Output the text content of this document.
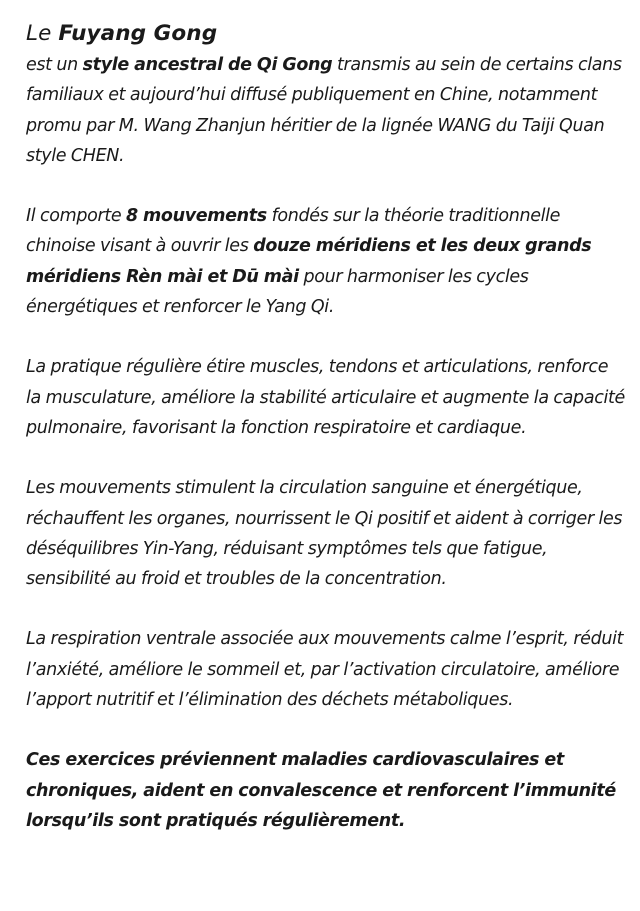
Le Fuyang Gong

est un style ancestral de Qi Gong transmis au sein de certains clans familiaux et aujourd’hui diffusé publiquement en Chine, notamment promu par M. Wang Zhanjun héritier de la lignée WANG du Taiji Quan style CHEN.

Il comporte 8 mouvements fondés sur la théorie traditionnelle chinoise visant à ouvrir les douze méridiens et les deux grands méridiens Rèn mài et Dū mài pour harmoniser les cycles énergétiques et renforcer le Yang Qi.

La pratique régulière étire muscles, tendons et articulations, renforce la musculature, améliore la stabilité articulaire et augmente la capacité pulmonaire, favorisant la fonction respiratoire et cardiaque.

Les mouvements stimulent la circulation sanguine et énergétique, réchauffent les organes, nourrissent le Qi positif et aident à corriger les déséquilibres Yin-Yang, réduisant symptômes tels que fatigue, sensibilité au froid et troubles de la concentration.

La respiration ventrale associée aux mouvements calme l’esprit, réduit l’anxiété, améliore le sommeil et, par l’activation circulatoire, améliore l’apport nutritif et l’élimination des déchets métaboliques.

Ces exercices préviennent maladies cardiovasculaires et chroniques, aident en convalescence et renforcent l’immunité lorsqu’ils sont pratiqués régulièrement.
